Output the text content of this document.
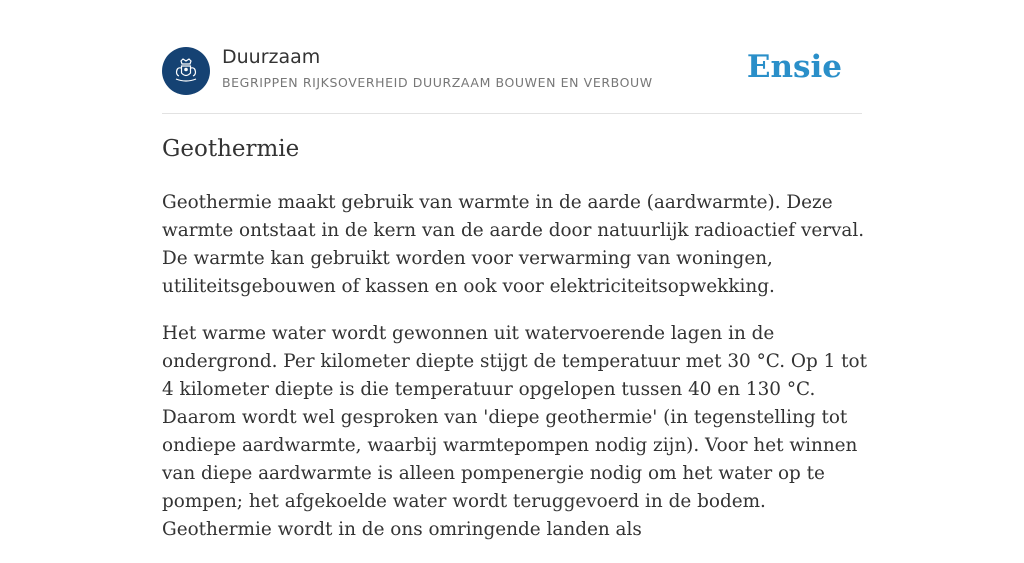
Duurzaam
BEGRIPPEN RIJKSOVERHEID DUURZAAM BOUWEN EN VERBOUW	Ensie
Geothermie

Geothermie maakt gebruik van warmte in de aarde (aardwarmte). Deze warmte ontstaat in de kern van de aarde door natuurlijk radioactief verval. De warmte kan gebruikt worden voor verwarming van woningen, utiliteitsgebouwen of kassen en ook voor elektriciteitsopwekking.

Het warme water wordt gewonnen uit watervoerende lagen in de ondergrond. Per kilometer diepte stijgt de temperatuur met 30 °C. Op 1 tot 4 kilometer diepte is die temperatuur opgelopen tussen 40 en 130 °C. Daarom wordt wel gesproken van 'diepe geothermie' (in tegenstelling tot ondiepe aardwarmte, waarbij warmtepompen nodig zijn). Voor het winnen van diepe aardwarmte is alleen pompenergie nodig om het water op te pompen; het afgekoelde water wordt teruggevoerd in de bodem. Geothermie wordt in de ons omringende landen als
